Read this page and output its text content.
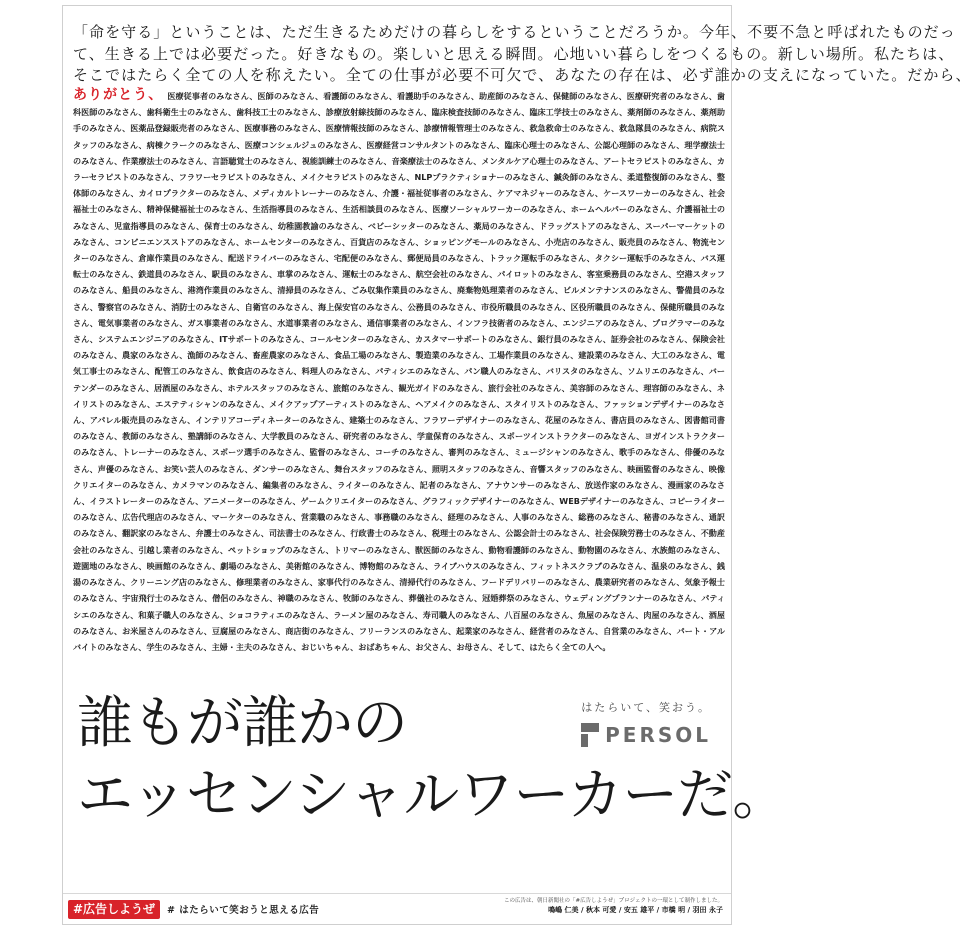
「命を守る」ということは、ただ生きるためだけの暮らしをするということだろうか。今年、不要不急と呼ばれたものだっ
て、生きる上では必要だった。好きなもの。楽しいと思える瞬間。心地いい暮らしをつくるもの。新しい場所。私たちは、
そこではたらく全ての人を称えたい。全ての仕事が必要不可欠で、あなたの存在は、必ず誰かの支えになっていた。だから、
ありがとう、 医療従事者のみなさん、医師のみなさん、看護師のみなさん、看護助手のみなさん、助産師のみなさん、保健師のみなさん、医療研究者のみなさん、歯科医師のみなさん、歯科衛生士のみなさん、歯科技工士のみなさん、診療放射線技師のみなさん、臨床検査技師のみなさん、臨床工学技士のみなさん、薬剤師のみなさん、薬剤助手のみなさん、医薬品登録販売者のみなさん、医療事務のみなさん、医療情報技師のみなさん、診療情報管理士のみなさん、救急救命士のみなさん、救急隊員のみなさん、病院スタッフのみなさん、病棟クラークのみなさん、医療コンシェルジュのみなさん、医療経営コンサルタントのみなさん、臨床心理士のみなさん、公認心理師のみなさん、理学療法士のみなさん、作業療法士のみなさん、言語聴覚士のみなさん、視能訓練士のみなさん、音楽療法士のみなさん、メンタルケア心理士のみなさん、アートセラピストのみなさん、カラーセラピストのみなさん、フラワーセラピストのみなさん、メイクセラピストのみなさん、NLPプラクティショナーのみなさん、鍼灸師のみなさん、柔道整復師のみなさん、整体師のみなさん、カイロプラクターのみなさん、メディカルトレーナーのみなさん、介護・福祉従事者のみなさん、ケアマネジャーのみなさん、ケースワーカーのみなさん、社会福祉士のみなさん、精神保健福祉士のみなさん、生活指導員のみなさん、生活相談員のみなさん、医療ソーシャルワーカーのみなさん、ホームヘルパーのみなさん、介護福祉士のみなさん、児童指導員のみなさん、保育士のみなさん、幼稚園教諭のみなさん、ベビーシッターのみなさん、薬局のみなさん、ドラッグストアのみなさん、スーパーマーケットのみなさん、コンビニエンスストアのみなさん、ホームセンターのみなさん、百貨店のみなさん、ショッピングモールのみなさん、小売店のみなさん、販売員のみなさん、物流センターのみなさん、倉庫作業員のみなさん、配送ドライバーのみなさん、宅配便のみなさん、郵便局員のみなさん、トラック運転手のみなさん、タクシー運転手のみなさん、バス運転士のみなさん、鉄道員のみなさん、駅員のみなさん、車掌のみなさん、運転士のみなさん、航空会社のみなさん、パイロットのみなさん、客室乗務員のみなさん、空港スタッフのみなさん、船員のみなさん、港湾作業員のみなさん、清掃員のみなさん、ごみ収集作業員のみなさん、廃棄物処理業者のみなさん、ビルメンテナンスのみなさん、警備員のみなさん、警察官のみなさん、消防士のみなさん、自衛官のみなさん、海上保安官のみなさん、公務員のみなさん、市役所職員のみなさん、区役所職員のみなさん、保健所職員のみなさん、電気事業者のみなさん、ガス事業者のみなさん、水道事業者のみなさん、通信事業者のみなさん、インフラ技術者のみなさん、エンジニアのみなさん、プログラマーのみなさん、システムエンジニアのみなさん、ITサポートのみなさん、コールセンターのみなさん、カスタマーサポートのみなさん、銀行員のみなさん、証券会社のみなさん、保険会社のみなさん、農家のみなさん、漁師のみなさん、畜産農家のみなさん、食品工場のみなさん、製造業のみなさん、工場作業員のみなさん、建設業のみなさん、大工のみなさん、電気工事士のみなさん、配管工のみなさん、飲食店のみなさん、料理人のみなさん、パティシエのみなさん、パン職人のみなさん、バリスタのみなさん、ソムリエのみなさん、バーテンダーのみなさん、居酒屋のみなさん、ホテルスタッフのみなさん、旅館のみなさん、観光ガイドのみなさん、旅行会社のみなさん、美容師のみなさん、理容師のみなさん、ネイリストのみなさん、エステティシャンのみなさん、メイクアップアーティストのみなさん、ヘアメイクのみなさん、スタイリストのみなさん、ファッションデザイナーのみなさん、アパレル販売員のみなさん、インテリアコーディネーターのみなさん、建築士のみなさん、フラワーデザイナーのみなさん、花屋のみなさん、書店員のみなさん、図書館司書のみなさん、教師のみなさん、塾講師のみなさん、大学教員のみなさん、研究者のみなさん、学童保育のみなさん、スポーツインストラクターのみなさん、ヨガインストラクターのみなさん、トレーナーのみなさん、スポーツ選手のみなさん、監督のみなさん、コーチのみなさん、審判のみなさん、ミュージシャンのみなさん、歌手のみなさん、俳優のみなさん、声優のみなさん、お笑い芸人のみなさん、ダンサーのみなさん、舞台スタッフのみなさん、照明スタッフのみなさん、音響スタッフのみなさん、映画監督のみなさん、映像クリエイターのみなさん、カメラマンのみなさん、編集者のみなさん、ライターのみなさん、記者のみなさん、アナウンサーのみなさん、放送作家のみなさん、漫画家のみなさん、イラストレーターのみなさん、アニメーターのみなさん、ゲームクリエイターのみなさん、グラフィックデザイナーのみなさん、WEBデザイナーのみなさん、コピーライターのみなさん、広告代理店のみなさん、マーケターのみなさん、営業職のみなさん、事務職のみなさん、経理のみなさん、人事のみなさん、総務のみなさん、秘書のみなさん、通訳のみなさん、翻訳家のみなさん、弁護士のみなさん、司法書士のみなさん、行政書士のみなさん、税理士のみなさん、公認会計士のみなさん、社会保険労務士のみなさん、不動産会社のみなさん、引越し業者のみなさん、ペットショップのみなさん、トリマーのみなさん、獣医師のみなさん、動物看護師のみなさん、動物園のみなさん、水族館のみなさん、遊園地のみなさん、映画館のみなさん、劇場のみなさん、美術館のみなさん、博物館のみなさん、ライブハウスのみなさん、フィットネスクラブのみなさん、温泉のみなさん、銭湯のみなさん、クリーニング店のみなさん、修理業者のみなさん、家事代行のみなさん、清掃代行のみなさん、フードデリバリーのみなさん、農業研究者のみなさん、気象予報士のみなさん、宇宙飛行士のみなさん、僧侶のみなさん、神職のみなさん、牧師のみなさん、葬儀社のみなさん、冠婚葬祭のみなさん、ウェディングプランナーのみなさん、パティシエのみなさん、和菓子職人のみなさん、ショコラティエのみなさん、ラーメン屋のみなさん、寿司職人のみなさん、八百屋のみなさん、魚屋のみなさん、肉屋のみなさん、酒屋のみなさん、お米屋さんのみなさん、豆腐屋のみなさん、商店街のみなさん、フリーランスのみなさん、起業家のみなさん、経営者のみなさん、自営業のみなさん、パート・アルバイトのみなさん、学生のみなさん、主婦・主夫のみなさん、おじいちゃん、おばあちゃん、お父さん、お母さん、そして、はたらく全ての人へ。
誰もが誰かの
エッセンシャルワーカーだ。
はたらいて、笑おう。
PERSOL
#広告しようぜ	# はたらいて笑おうと思える広告
この広告は、朝日新聞社の「#広告しようぜ」プロジェクトの一環として制作しました。
鳴嶋 仁美 / 秋本 可愛 / 安五 雄平 / 市橋 明 / 羽田 永子
